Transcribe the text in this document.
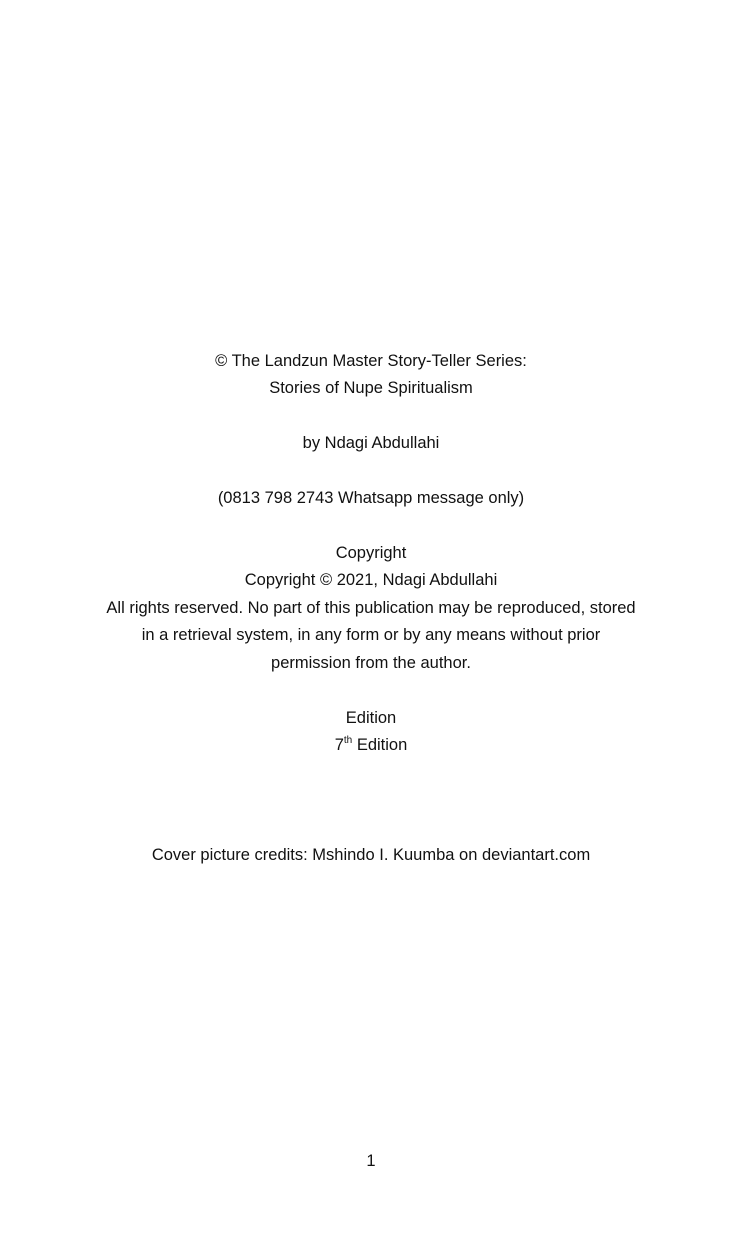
© The Landzun Master Story-Teller Series:
Stories of Nupe Spiritualism
by Ndagi Abdullahi
(0813 798 2743 Whatsapp message only)
Copyright
Copyright © 2021, Ndagi Abdullahi
All rights reserved. No part of this publication may be reproduced, stored
in a retrieval system, in any form or by any means without prior
permission from the author.
Edition
7th Edition
Cover picture credits: Mshindo I. Kuumba on deviantart.com
1
